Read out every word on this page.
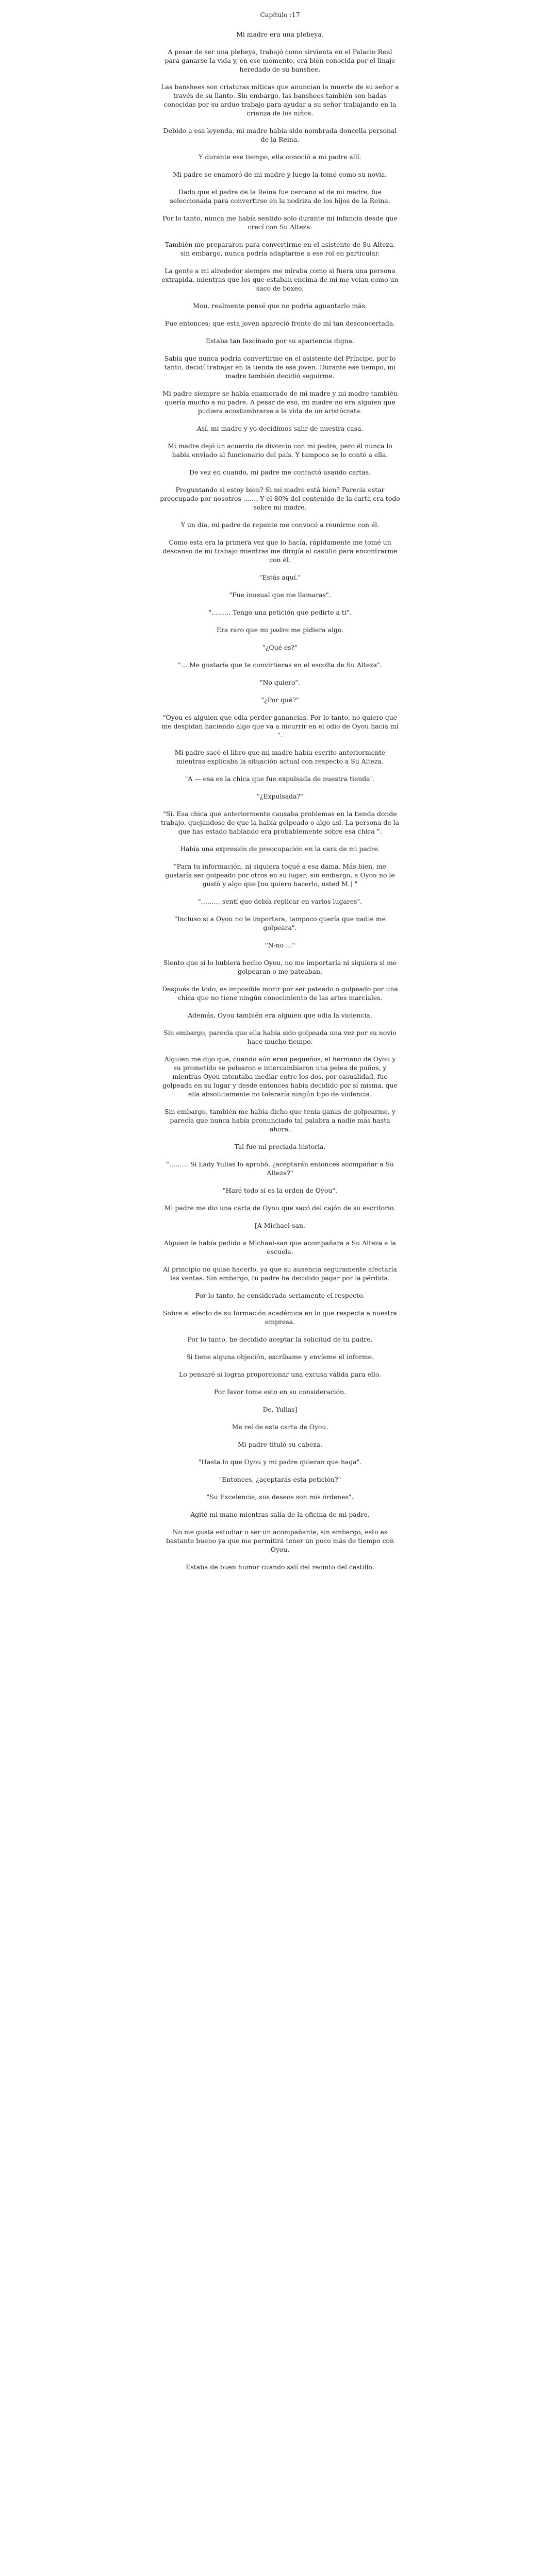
Capítulo :17

Mi madre era una plebeya.

A pesar de ser una plebeya, trabajó como sirvienta en el Palacio Real para ganarse la vida y, en ese momento, era bien conocida por el linaje heredado de su banshee.

Las banshees son criaturas míticas que anuncian la muerte de su señor a través de su llanto. Sin embargo, las banshees también son hadas conocidas por su arduo trabajo para ayudar a su señor trabajando en la crianza de los niños.

Debido a esa leyenda, mi madre había sido nombrada doncella personal de la Reina.

Y durante ese tiempo, ella conoció a mi padre allí.

Mi padre se enamoró de mi madre y luego la tomó como su novia.

Dado que el padre de la Reina fue cercano al de mi madre, fue seleccionada para convertirse en la nodriza de los hijos de la Reina.

Por lo tanto, nunca me había sentido solo durante mi infancia desde que crecí con Su Alteza.

También me prepararon para convertirme en el asistente de Su Alteza, sin embargo, nunca podría adaptarme a ese rol en particular.

La gente a mi alrededor siempre me miraba como si fuera una persona extrapida, mientras que los que estaban encima de mí me veían como un saco de boxeo.

Mou, realmente pensé que no podría aguantarlo más.

Fue entonces; que esta joven apareció frente de mí tan desconcertada.

Estaba tan fascinado por su apariencia digna.

Sabía que nunca podría convertirme en el asistente del Príncipe, por lo tanto, decidí trabajar en la tienda de esa joven. Durante ese tiempo, mi madre también decidió seguirme.

Mi padre siempre se había enamorado de mi madre y mi madre también quería mucho a mi padre. A pesar de eso, mi madre no era alguien que pudiera acostumbrarse a la vida de un aristócrata.

Así, mi madre y yo decidimos salir de nuestra casa.

Mi madre dejó un acuerdo de divorcio con mi padre, pero él nunca lo había enviado al funcionario del país. Y tampoco se lo contó a ella.

De vez en cuando, mi padre me contactó usando cartas.

Preguntando si estoy bien? Si mi madre está bien? Parecía estar preocupado por nosotros ……. Y el 80% del contenido de la carta era todo sobre mi madre.

Y un día, mi padre de repente me convocó a reunirme con él.

Como esta era la primera vez que lo hacía, rápidamente me tomé un descanso de mi trabajo mientras me dirigía al castillo para encontrarme con él.

"Estás aquí."

"Fue inusual que me llamaras".

"……… Tengo una petición que pedirte a ti".

Era raro que mi padre me pidiera algo.

"¿Qué es?"

"… Me gustaría que te convirtieras en el escolta de Su Alteza".

"No quiero".

"¿Por qué?"

"Oyou es alguien que odia perder ganancias. Por lo tanto, no quiero que me despidan haciendo algo que va a incurrir en el odio de Oyou hacia mí ".

Mi padre sacó el libro que mi madre había escrito anteriormente mientras explicaba la situación actual con respecto a Su Alteza.

"A — esa es la chica que fue expulsada de nuestra tienda".

"¿Expulsada?"

"Sí. Esa chica que anteriormente causaba problemas en la tienda donde trabajo, quejándose de que la había golpeado o algo así. La persona de la que has estado hablando era probablemente sobre esa chica ".

Había una expresión de preocupación en la cara de mi padre.

"Para tu información, ni siquiera toqué a esa dama. Más bien, me gustaría ser golpeado por otros en su lugar; sin embargo, a Oyou no le gustó y algo que [no quiero hacerlo, usted M.] "

"……… sentí que debía replicar en varios lugares".

"Incluso si a Oyou no le importara, tampoco quería que nadie me golpeara".

"N-no …"

Siento que si lo hubiera hecho Oyou, no me importaría ni siquiera si me golpearan o me pateaban.

Después de todo, es imposible morir por ser pateado o golpeado por una chica que no tiene ningún conocimiento de las artes marciales.

Además, Oyou también era alguien que odia la violencia.

Sin embargo, parecía que ella había sido golpeada una vez por su novio hace mucho tiempo.

Alguien me dijo que, cuando aún eran pequeños, el hermano de Oyou y su prometido se pelearon e intercambiaron una pelea de puños, y mientras Oyou intentaba mediar entre los dos, por casualidad, fue golpeada en su lugar y desde entonces había decidido por sí misma, que ella absolutamente no toleraría ningún tipo de violencia.

Sin embargo, también me había dicho que tenía ganas de golpearme, y parecía que nunca había pronunciado tal palabra a nadie más hasta ahora.

Tal fue mi preciada historia.

"……… Si Lady Yulias lo aprobó, ¿aceptarán entonces acompañar a Su Alteza?"

"Haré todo si es la orden de Oyou".

Mi padre me dio una carta de Oyou que sacó del cajón de su escritorio.

[A Michael-san.

Alguien le había pedido a Michael-san que acompañara a Su Alteza a la escuela.

Al principio no quise hacerlo, ya que su ausencia seguramente afectaría las ventas. Sin embargo, tu padre ha decidido pagar por la pérdida.

Por lo tanto, he considerado seriamente el respecto.

Sobre el efecto de su formación académica en lo que respecta a nuestra empresa.

Por lo tanto, he decidido aceptar la solicitud de tu padre.

Si tiene alguna objeción, escríbame y envíeme el informe.

Lo pensaré si logras proporcionar una excusa válida para ello.

Por favor tome esto en su consideración.

De, Yulias]

Me reí de esta carta de Oyou.

Mi padre tituló su cabeza.

"Hasta lo que Oyou y mi padre quieran que haga".

"Entonces, ¿aceptarás esta petición?"

"Su Excelencia, sus deseos son mis órdenes".

Agité mi mano mientras salía de la oficina de mi padre.

No me gusta estudiar o ser un acompañante, sin embargo, esto es bastante bueno ya que me permitirá tener un poco más de tiempo con Oyou.

Estaba de buen humor cuando salí del recinto del castillo.
